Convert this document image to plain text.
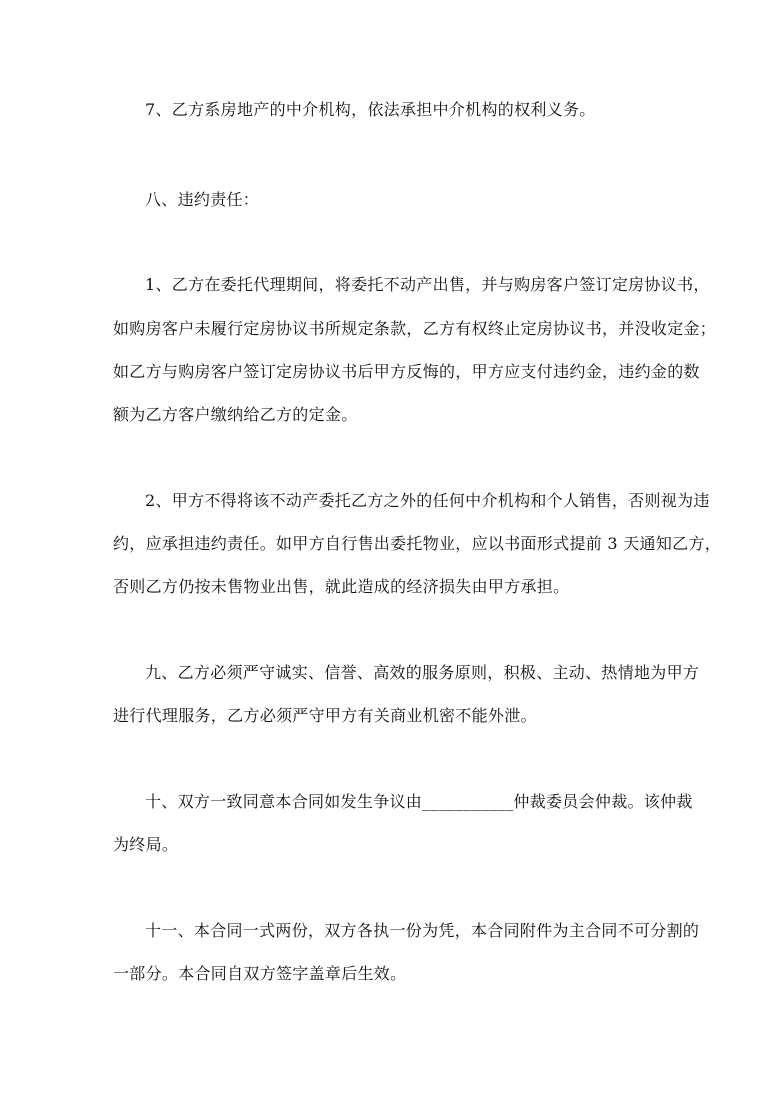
7、乙方系房地产的中介机构，依法承担中介机构的权利义务。
八、违约责任：
1、乙方在委托代理期间，将委托不动产出售，并与购房客户签订定房协议书，
如购房客户未履行定房协议书所规定条款，乙方有权终止定房协议书，并没收定金；
如乙方与购房客户签订定房协议书后甲方反悔的，甲方应支付违约金，违约金的数
额为乙方客户缴纳给乙方的定金。
2、甲方不得将该不动产委托乙方之外的任何中介机构和个人销售，否则视为违
约，应承担违约责任。如甲方自行售出委托物业，应以书面形式提前 3 天通知乙方，
否则乙方仍按未售物业出售，就此造成的经济损失由甲方承担。
九、乙方必须严守诚实、信誉、高效的服务原则，积极、主动、热情地为甲方
进行代理服务，乙方必须严守甲方有关商业机密不能外泄。
十、双方一致同意本合同如发生争议由___________仲裁委员会仲裁。该仲裁
为终局。
十一、本合同一式两份，双方各执一份为凭，本合同附件为主合同不可分割的
一部分。本合同自双方签字盖章后生效。
